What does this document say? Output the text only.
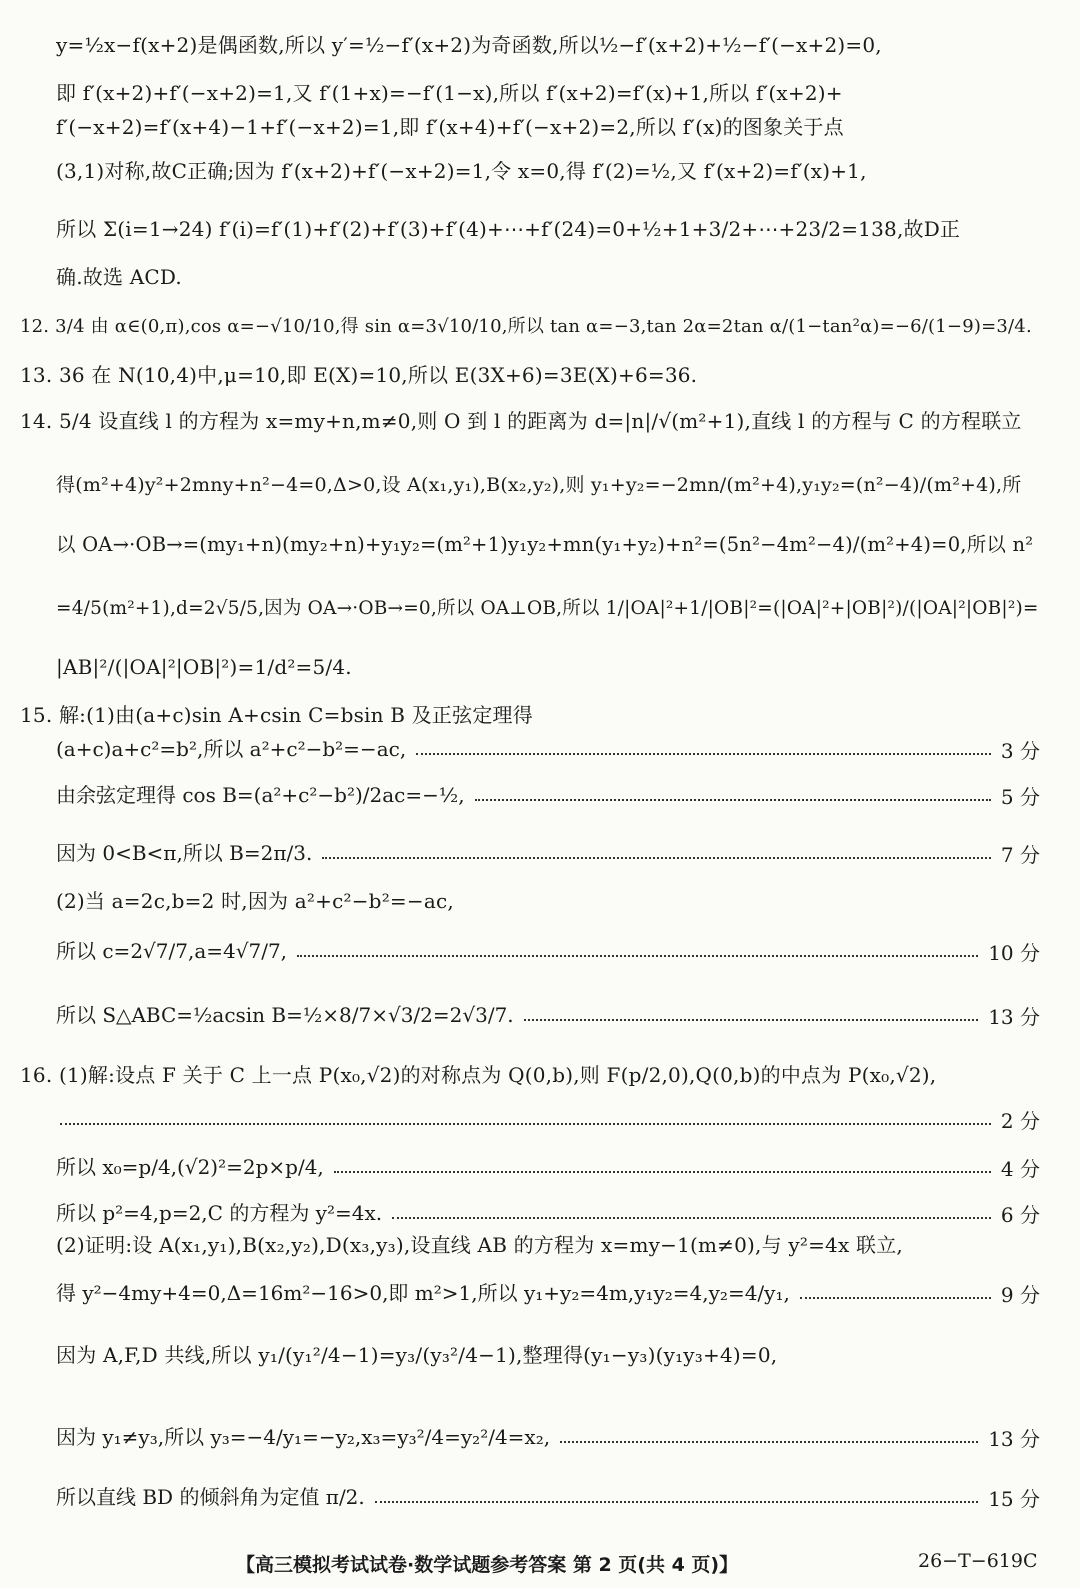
y=½x−f(x+2)是偶函数,所以 y′=½−f′(x+2)为奇函数,所以½−f′(x+2)+½−f′(−x+2)=0,
即 f′(x+2)+f′(−x+2)=1,又 f′(1+x)=−f′(1−x),所以 f′(x+2)=f′(x)+1,所以 f′(x+2)+
f′(−x+2)=f′(x+4)−1+f′(−x+2)=1,即 f′(x+4)+f′(−x+2)=2,所以 f′(x)的图象关于点
(3,1)对称,故C正确;因为 f′(x+2)+f′(−x+2)=1,令 x=0,得 f′(2)=½,又 f′(x+2)=f′(x)+1,
所以 Σ(i=1→24) f′(i)=f′(1)+f′(2)+f′(3)+f′(4)+⋯+f′(24)=0+½+1+3/2+⋯+23/2=138,故D正
确.故选 ACD.
12. 3/4 由 α∈(0,π),cos α=−√10/10,得 sin α=3√10/10,所以 tan α=−3,tan 2α=2tan α/(1−tan²α)=−6/(1−9)=3/4.
13. 36 在 N(10,4)中,μ=10,即 E(X)=10,所以 E(3X+6)=3E(X)+6=36.
14. 5/4 设直线 l 的方程为 x=my+n,m≠0,则 O 到 l 的距离为 d=|n|/√(m²+1),直线 l 的方程与 C 的方程联立
得(m²+4)y²+2mny+n²−4=0,Δ>0,设 A(x₁,y₁),B(x₂,y₂),则 y₁+y₂=−2mn/(m²+4),y₁y₂=(n²−4)/(m²+4),所
以 OA→·OB→=(my₁+n)(my₂+n)+y₁y₂=(m²+1)y₁y₂+mn(y₁+y₂)+n²=(5n²−4m²−4)/(m²+4)=0,所以 n²
=4/5(m²+1),d=2√5/5,因为 OA→·OB→=0,所以 OA⊥OB,所以 1/|OA|²+1/|OB|²=(|OA|²+|OB|²)/(|OA|²|OB|²)=
|AB|²/(|OA|²|OB|²)=1/d²=5/4.
15. 解:(1)由(a+c)sin A+csin C=bsin B 及正弦定理得
(a+c)a+c²=b²,所以 a²+c²−b²=−ac,	3 分
由余弦定理得 cos B=(a²+c²−b²)/2ac=−½,	5 分
因为 0<B<π,所以 B=2π/3.	7 分
(2)当 a=2c,b=2 时,因为 a²+c²−b²=−ac,
所以 c=2√7/7,a=4√7/7,	10 分
所以 S△ABC=½acsin B=½×8/7×√3/2=2√3/7.	13 分
16. (1)解:设点 F 关于 C 上一点 P(x₀,√2)的对称点为 Q(0,b),则 F(p/2,0),Q(0,b)的中点为 P(x₀,√2),
2 分
所以 x₀=p/4,(√2)²=2p×p/4,	4 分
所以 p²=4,p=2,C 的方程为 y²=4x.	6 分
(2)证明:设 A(x₁,y₁),B(x₂,y₂),D(x₃,y₃),设直线 AB 的方程为 x=my−1(m≠0),与 y²=4x 联立,
得 y²−4my+4=0,Δ=16m²−16>0,即 m²>1,所以 y₁+y₂=4m,y₁y₂=4,y₂=4/y₁,	9 分
因为 A,F,D 共线,所以 y₁/(y₁²/4−1)=y₃/(y₃²/4−1),整理得(y₁−y₃)(y₁y₃+4)=0,
因为 y₁≠y₃,所以 y₃=−4/y₁=−y₂,x₃=y₃²/4=y₂²/4=x₂,	13 分
所以直线 BD 的倾斜角为定值 π/2.	15 分
【高三模拟考试试卷·数学试题参考答案 第 2 页(共 4 页)】	26−T−619C
